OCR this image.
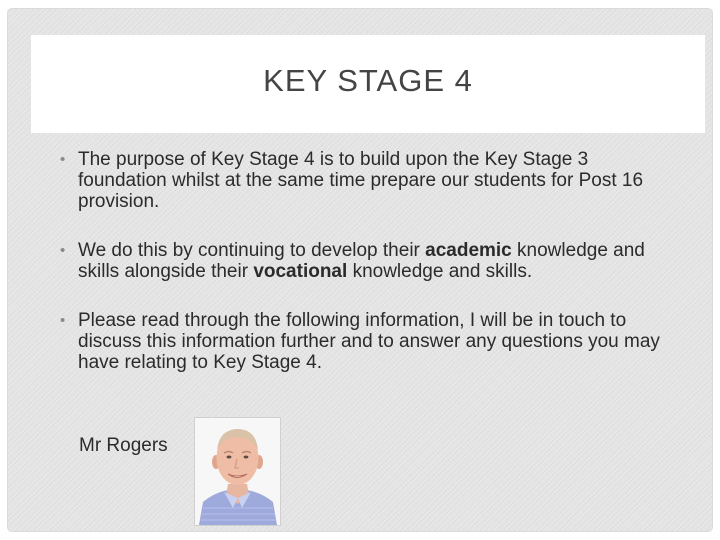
KEY STAGE 4

• The purpose of Key Stage 4 is to build upon the Key Stage 3 foundation whilst at the same time prepare our students for Post 16 provision.

• We do this by continuing to develop their academic knowledge and skills alongside their vocational knowledge and skills.

• Please read through the following information, I will be in touch to discuss this information further and to answer any questions you may have relating to Key Stage 4.

Mr Rogers
